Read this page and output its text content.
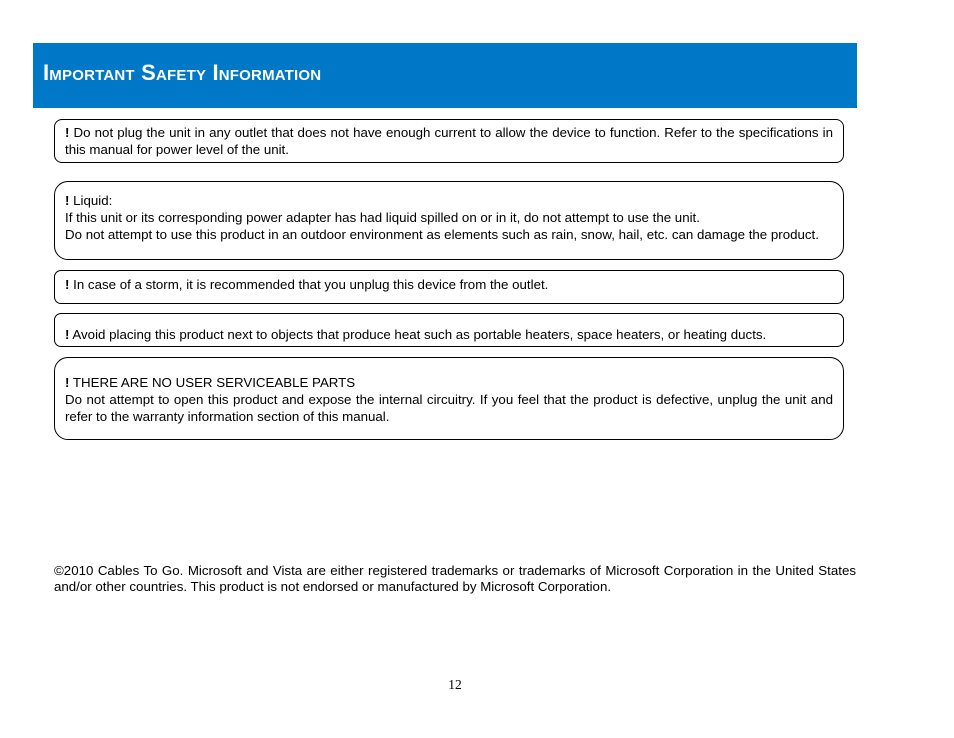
Important Safety Information

! Do not plug the unit in any outlet that does not have enough current to allow the device to function. Refer to the specifications in this manual for power level of the unit.

! Liquid:

If this unit or its corresponding power adapter has had liquid spilled on or in it, do not attempt to use the unit.

Do not attempt to use this product in an outdoor environment as elements such as rain, snow, hail, etc. can damage the product.

! In case of a storm, it is recommended that you unplug this device from the outlet.

! Avoid placing this product next to objects that produce heat such as portable heaters, space heaters, or heating ducts.

! THERE ARE NO USER SERVICEABLE PARTS

Do not attempt to open this product and expose the internal circuitry. If you feel that the product is defective, unplug the unit and refer to the warranty information section of this manual.

©2010 Cables To Go. Microsoft and Vista are either registered trademarks or trademarks of Microsoft Corporation in the United States and/or other countries. This product is not endorsed or manufactured by Microsoft Corporation.
12
